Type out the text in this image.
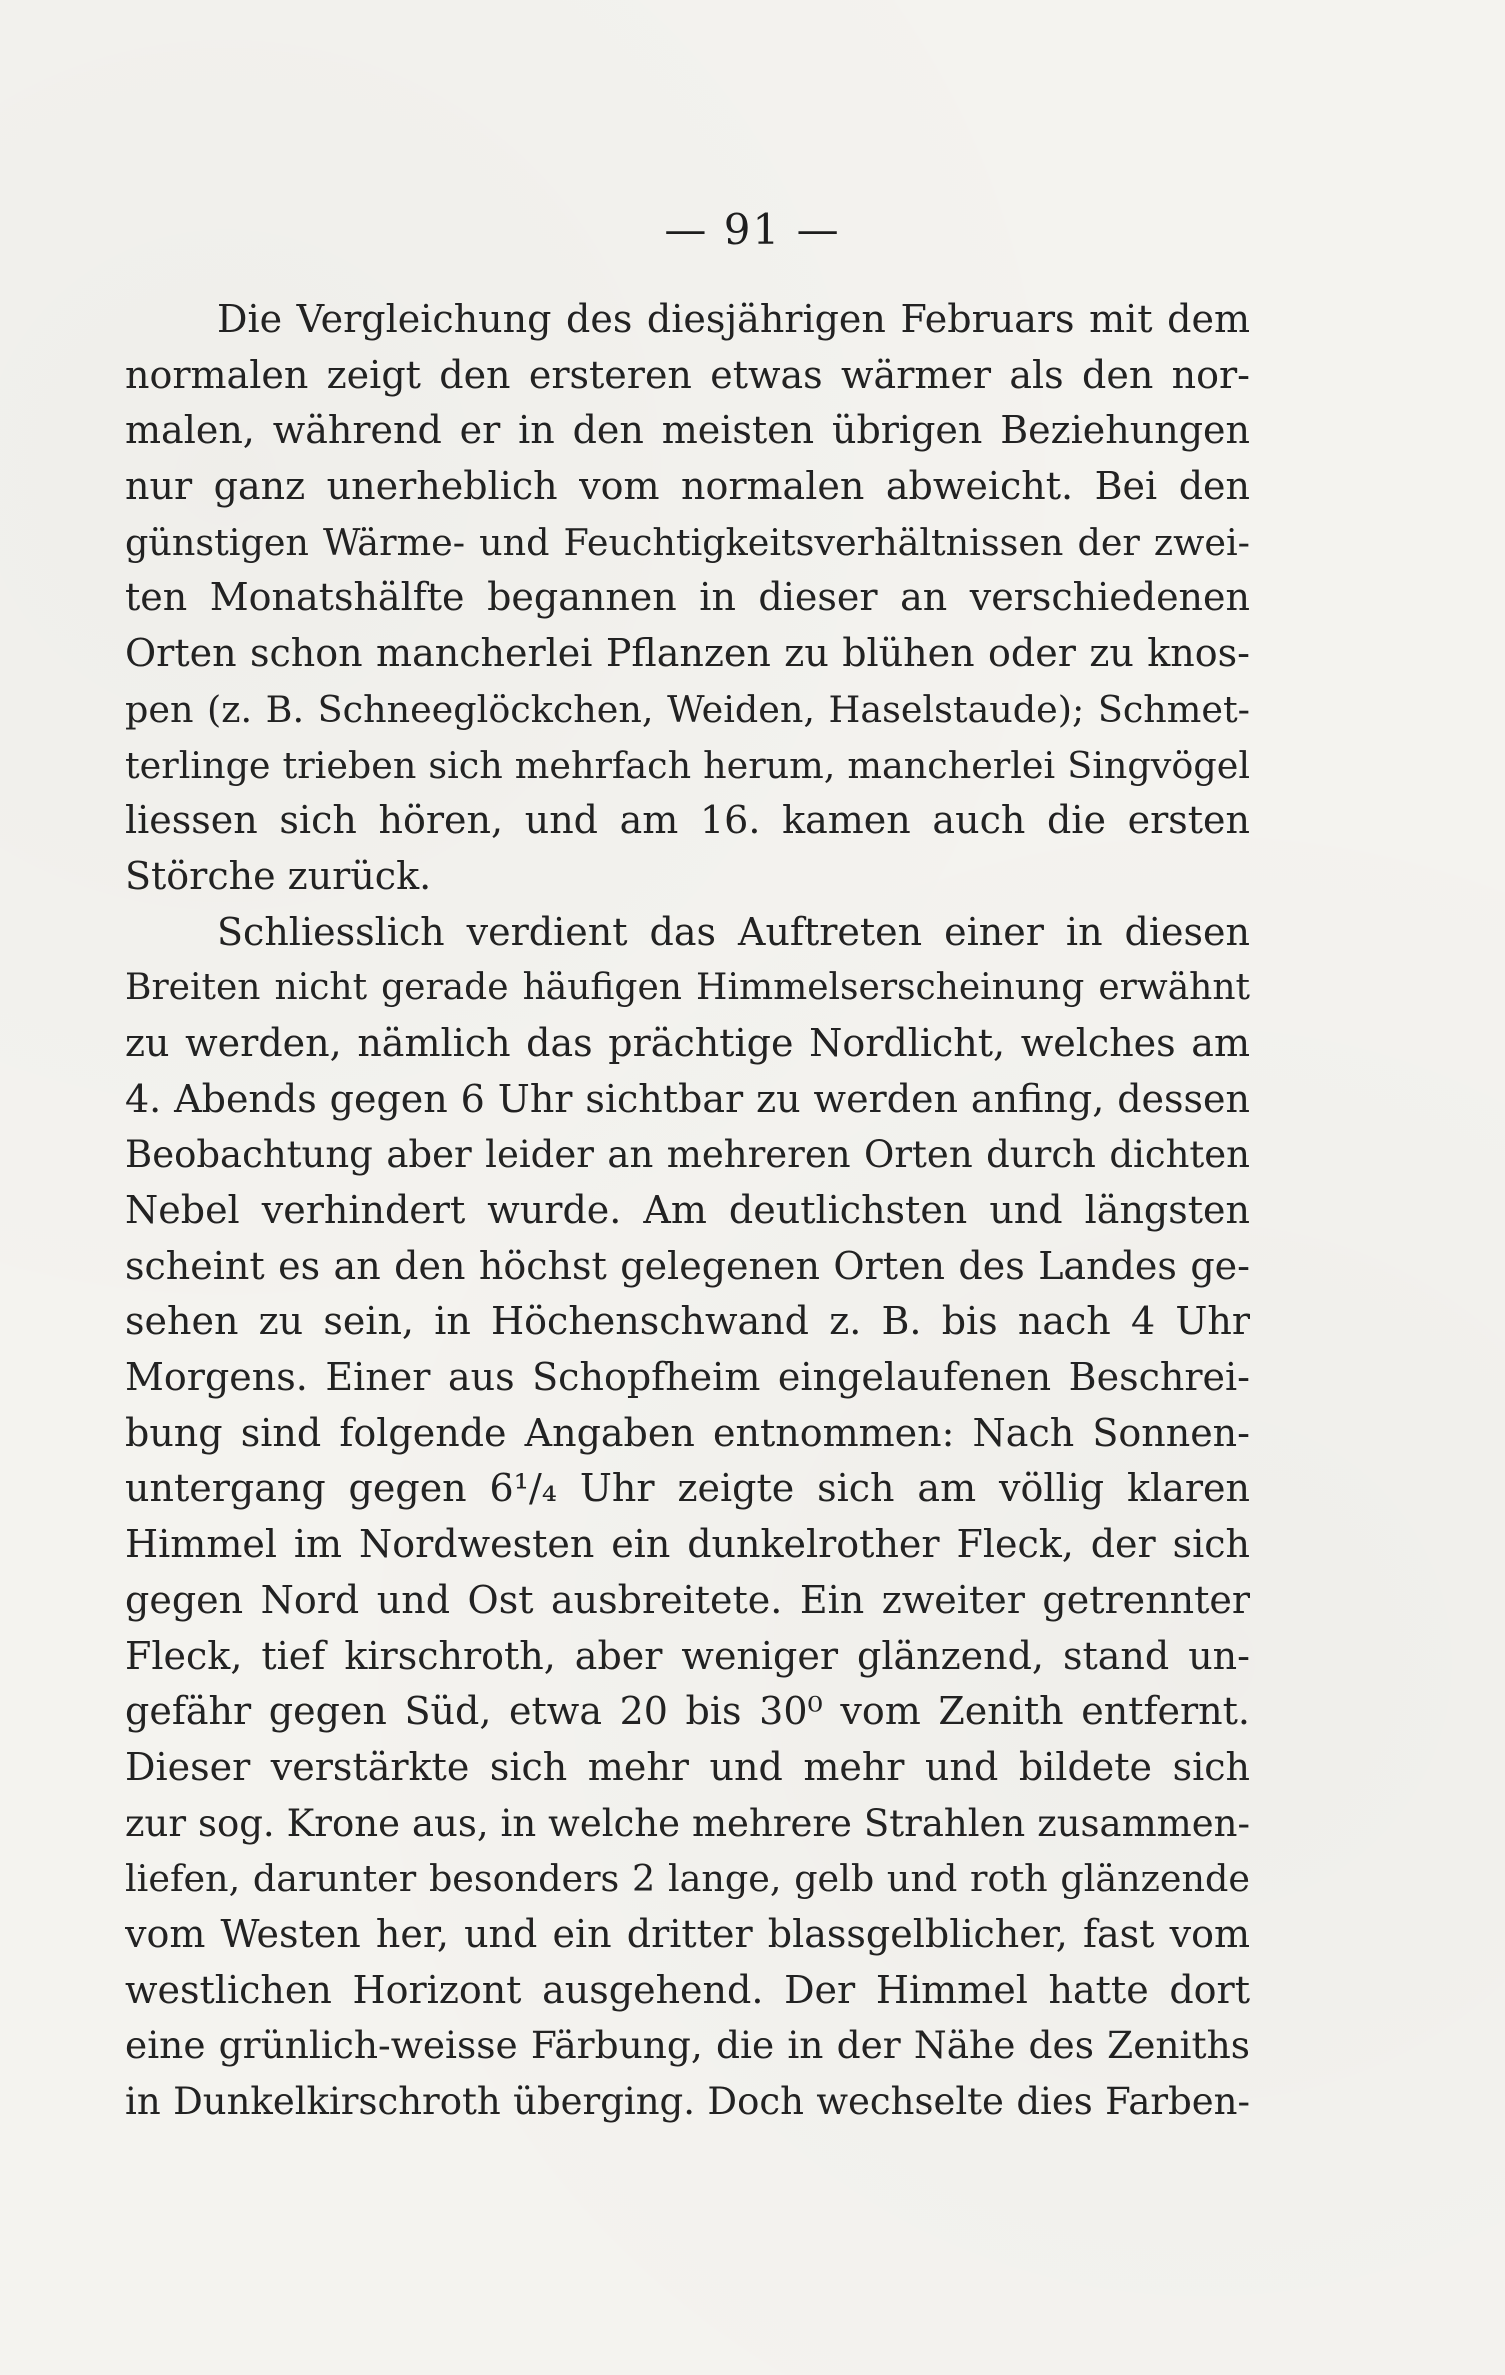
— 91 —
Die Vergleichung des diesjährigen Februars mit dem
normalen zeigt den ersteren etwas wärmer als den nor-
malen, während er in den meisten übrigen Beziehungen
nur ganz unerheblich vom normalen abweicht. Bei den
günstigen Wärme- und Feuchtigkeitsverhältnissen der zwei-
ten Monatshälfte begannen in dieser an verschiedenen
Orten schon mancherlei Pflanzen zu blühen oder zu knos-
pen (z. B. Schneeglöckchen, Weiden, Haselstaude); Schmet-
terlinge trieben sich mehrfach herum, mancherlei Singvögel
liessen sich hören, und am 16. kamen auch die ersten
Störche zurück.
Schliesslich verdient das Auftreten einer in diesen
Breiten nicht gerade häufigen Himmelserscheinung erwähnt
zu werden, nämlich das prächtige Nordlicht, welches am
4. Abends gegen 6 Uhr sichtbar zu werden anfing, dessen
Beobachtung aber leider an mehreren Orten durch dichten
Nebel verhindert wurde. Am deutlichsten und längsten
scheint es an den höchst gelegenen Orten des Landes ge-
sehen zu sein, in Höchenschwand z. B. bis nach 4 Uhr
Morgens. Einer aus Schopfheim eingelaufenen Beschrei-
bung sind folgende Angaben entnommen: Nach Sonnen-
untergang gegen 6¹/₄ Uhr zeigte sich am völlig klaren
Himmel im Nordwesten ein dunkelrother Fleck, der sich
gegen Nord und Ost ausbreitete. Ein zweiter getrennter
Fleck, tief kirschroth, aber weniger glänzend, stand un-
gefähr gegen Süd, etwa 20 bis 30⁰ vom Zenith entfernt.
Dieser verstärkte sich mehr und mehr und bildete sich
zur sog. Krone aus, in welche mehrere Strahlen zusammen-
liefen, darunter besonders 2 lange, gelb und roth glänzende
vom Westen her, und ein dritter blassgelblicher, fast vom
westlichen Horizont ausgehend. Der Himmel hatte dort
eine grünlich-weisse Färbung, die in der Nähe des Zeniths
in Dunkelkirschroth überging. Doch wechselte dies Farben-
